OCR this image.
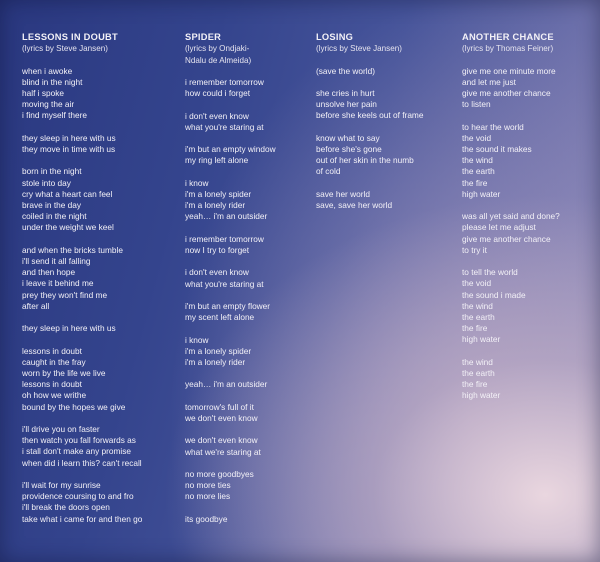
LESSONS IN DOUBT
(lyrics by Steve Jansen)
when i awoke
blind in the night
half i spoke
moving the air
i find myself there
they sleep in here with us
they move in time with us
born in the night
stole into day
cry what a heart can feel
brave in the day
coiled in the night
under the weight we keel
and when the bricks tumble
i'll send it all falling
and then hope
i leave it behind me
prey they won't find me
after all
they sleep in here with us
lessons in doubt
caught in the fray
worn by the life we live
lessons in doubt
oh how we writhe
bound by the hopes we give
i'll drive you on faster
then watch you fall forwards as
i stall don't make any promise
when did i learn this? can't recall
i'll wait for my sunrise
providence coursing to and fro
i'll break the doors open
take what i came for and then go
SPIDER
(lyrics by Ondjaki-
Ndalu de Almeida)
i remember tomorrow
how could i forget
i don't even know
what you're staring at
i'm but an empty window
my ring left alone
i know
i'm a lonely spider
i'm a lonely rider
yeah… i'm an outsider
i remember tomorrow
now I try to forget
i don't even know
what you're staring at
i'm but an empty flower
my scent left alone
i know
i'm a lonely spider
i'm a lonely rider
yeah… i'm an outsider
tomorrow's full of it
we don't even know
we don't even know
what we're staring at
no more goodbyes
no more ties
no more lies
its goodbye
LOSING
(lyrics by Steve Jansen)
(save the world)
she cries in hurt
unsolve her pain
before she keels out of frame
know what to say
before she's gone
out of her skin in the numb
of cold
save her world
save, save her world
ANOTHER CHANCE
(lyrics by Thomas Feiner)
give me one minute more
and let me just
give me another chance
to listen
to hear the world
the void
the sound it makes
the wind
the earth
the fire
high water
was all yet said and done?
please let me adjust
give me another chance
to try it
to tell the world
the void
the sound i made
the wind
the earth
the fire
high water
the wind
the earth
the fire
high water
